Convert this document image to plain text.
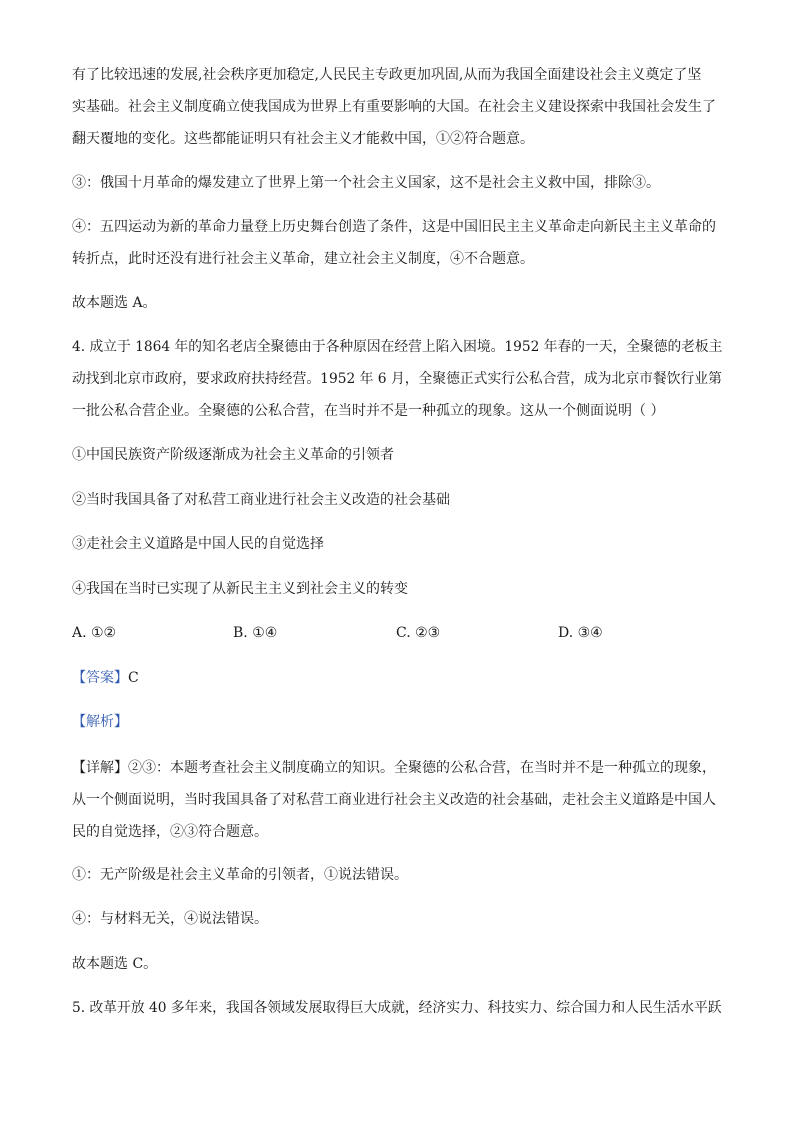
有了比较迅速的发展,社会秩序更加稳定,人民民主专政更加巩固,从而为我国全面建设社会主义奠定了坚
实基础。社会主义制度确立使我国成为世界上有重要影响的大国。在社会主义建设探索中我国社会发生了
翻天覆地的变化。这些都能证明只有社会主义才能救中国，①②符合题意。
③：俄国十月革命的爆发建立了世界上第一个社会主义国家，这不是社会主义救中国，排除③。
④：五四运动为新的革命力量登上历史舞台创造了条件，这是中国旧民主主义革命走向新民主主义革命的
转折点，此时还没有进行社会主义革命，建立社会主义制度，④不合题意。
故本题选 A。
4. 成立于 1864 年的知名老店全聚德由于各种原因在经营上陷入困境。1952 年春的一天，全聚德的老板主
动找到北京市政府，要求政府扶持经营。1952 年 6 月，全聚德正式实行公私合营，成为北京市餐饮行业第
一批公私合营企业。全聚德的公私合营，在当时并不是一种孤立的现象。这从一个侧面说明（ ）
①中国民族资产阶级逐渐成为社会主义革命的引领者
②当时我国具备了对私营工商业进行社会主义改造的社会基础
③走社会主义道路是中国人民的自觉选择
④我国在当时已实现了从新民主主义到社会主义的转变
A. ①②	B. ①④	C. ②③	D. ③④
【答案】C
【解析】
【详解】②③：本题考查社会主义制度确立的知识。全聚德的公私合营，在当时并不是一种孤立的现象，
从一个侧面说明，当时我国具备了对私营工商业进行社会主义改造的社会基础，走社会主义道路是中国人
民的自觉选择，②③符合题意。
①：无产阶级是社会主义革命的引领者，①说法错误。
④：与材料无关，④说法错误。
故本题选 C。
5. 改革开放 40 多年来，我国各领域发展取得巨大成就，经济实力、科技实力、综合国力和人民生活水平跃
